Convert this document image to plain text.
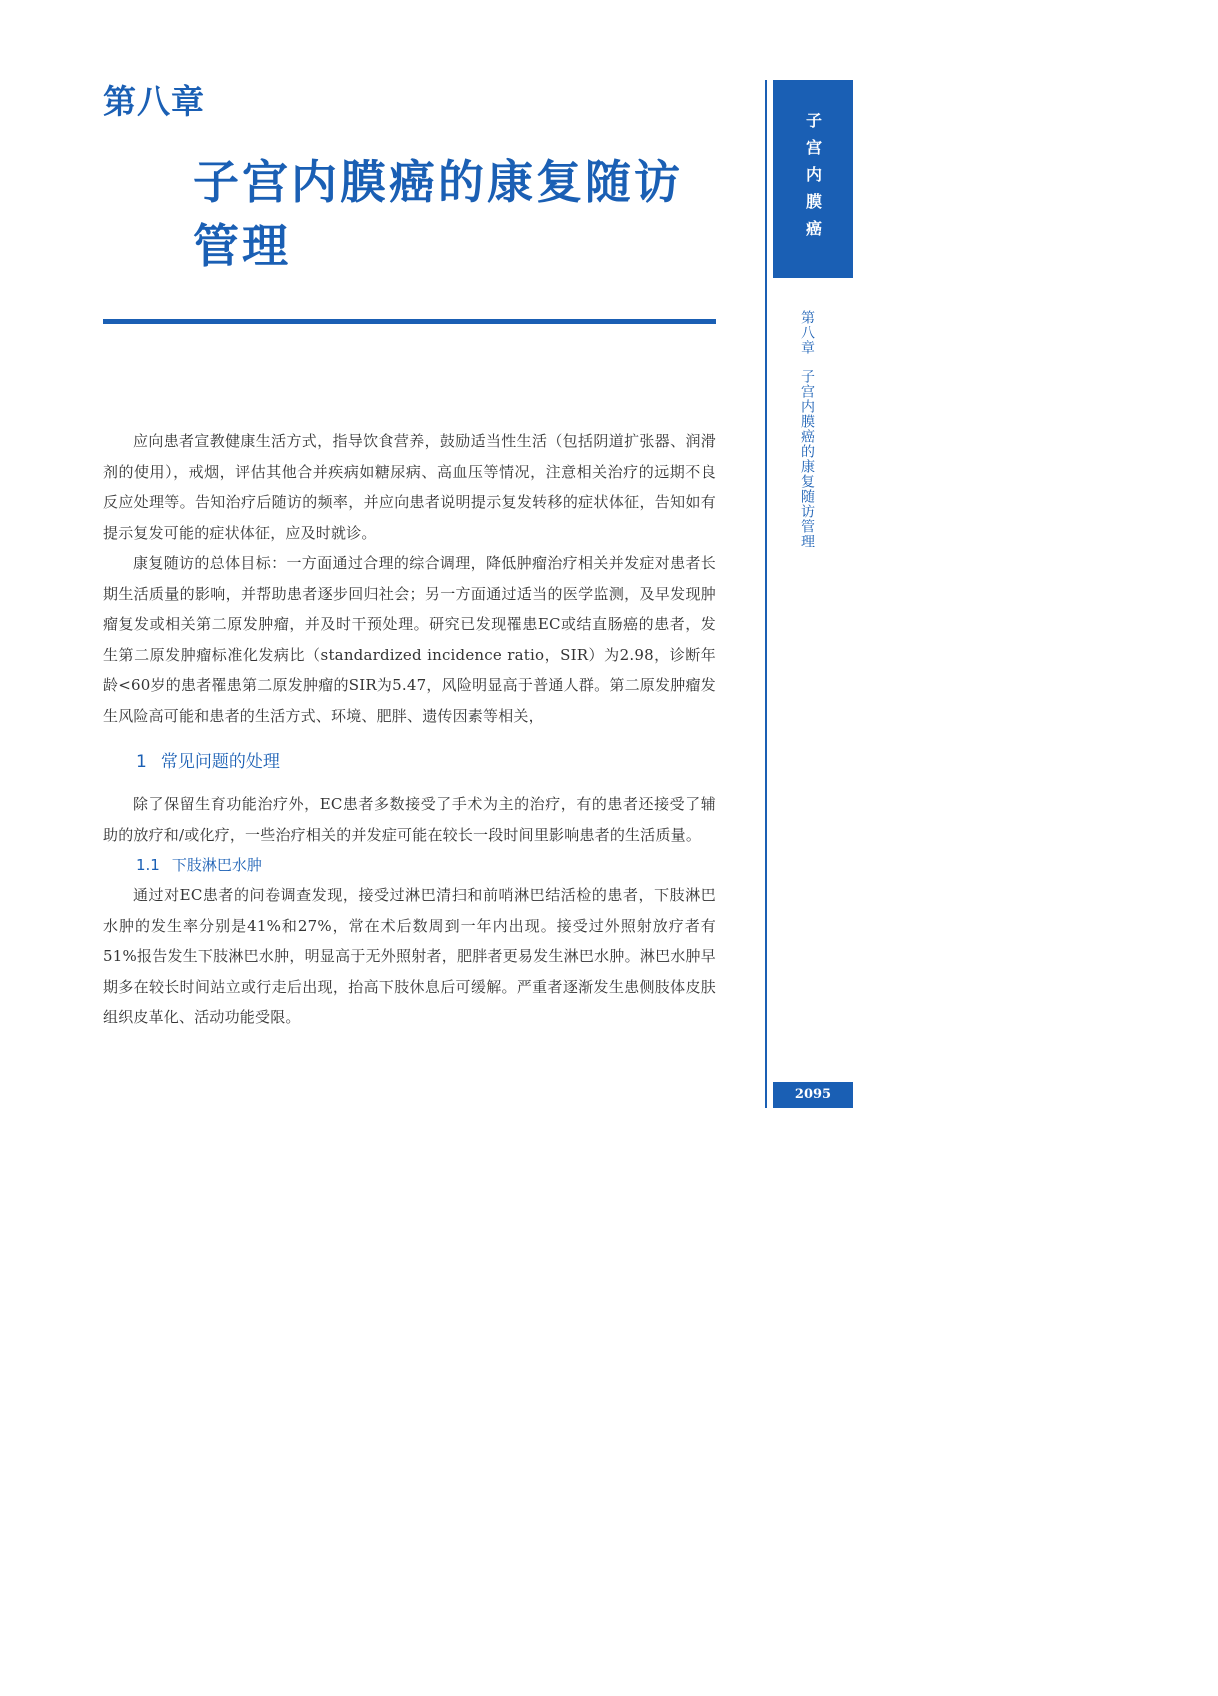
第八章
子宫内膜癌的康复随访管理

应向患者宣教健康生活方式，指导饮食营养，鼓励适当性生活（包括阴道扩张器、润滑剂的使用），戒烟，评估其他合并疾病如糖尿病、高血压等情况，注意相关治疗的远期不良反应处理等。告知治疗后随访的频率，并应向患者说明提示复发转移的症状体征，告知如有提示复发可能的症状体征，应及时就诊。

康复随访的总体目标：一方面通过合理的综合调理，降低肿瘤治疗相关并发症对患者长期生活质量的影响，并帮助患者逐步回归社会；另一方面通过适当的医学监测，及早发现肿瘤复发或相关第二原发肿瘤，并及时干预处理。研究已发现罹患EC或结直肠癌的患者，发生第二原发肿瘤标准化发病比（standardized incidence ratio，SIR）为2.98，诊断年龄<60岁的患者罹患第二原发肿瘤的SIR为5.47，风险明显高于普通人群。第二原发肿瘤发生风险高可能和患者的生活方式、环境、肥胖、遗传因素等相关，

1 常见问题的处理

除了保留生育功能治疗外，EC患者多数接受了手术为主的治疗，有的患者还接受了辅助的放疗和/或化疗，一些治疗相关的并发症可能在较长一段时间里影响患者的生活质量。

1.1 下肢淋巴水肿

通过对EC患者的问卷调查发现，接受过淋巴清扫和前哨淋巴结活检的患者，下肢淋巴水肿的发生率分别是41%和27%，常在术后数周到一年内出现。接受过外照射放疗者有51%报告发生下肢淋巴水肿，明显高于无外照射者，肥胖者更易发生淋巴水肿。淋巴水肿早期多在较长时间站立或行走后出现，抬高下肢休息后可缓解。严重者逐渐发生患侧肢体皮肤组织皮革化、活动功能受限。

子宫内膜癌
第八章子宫内膜癌的康复随访管理
2095
